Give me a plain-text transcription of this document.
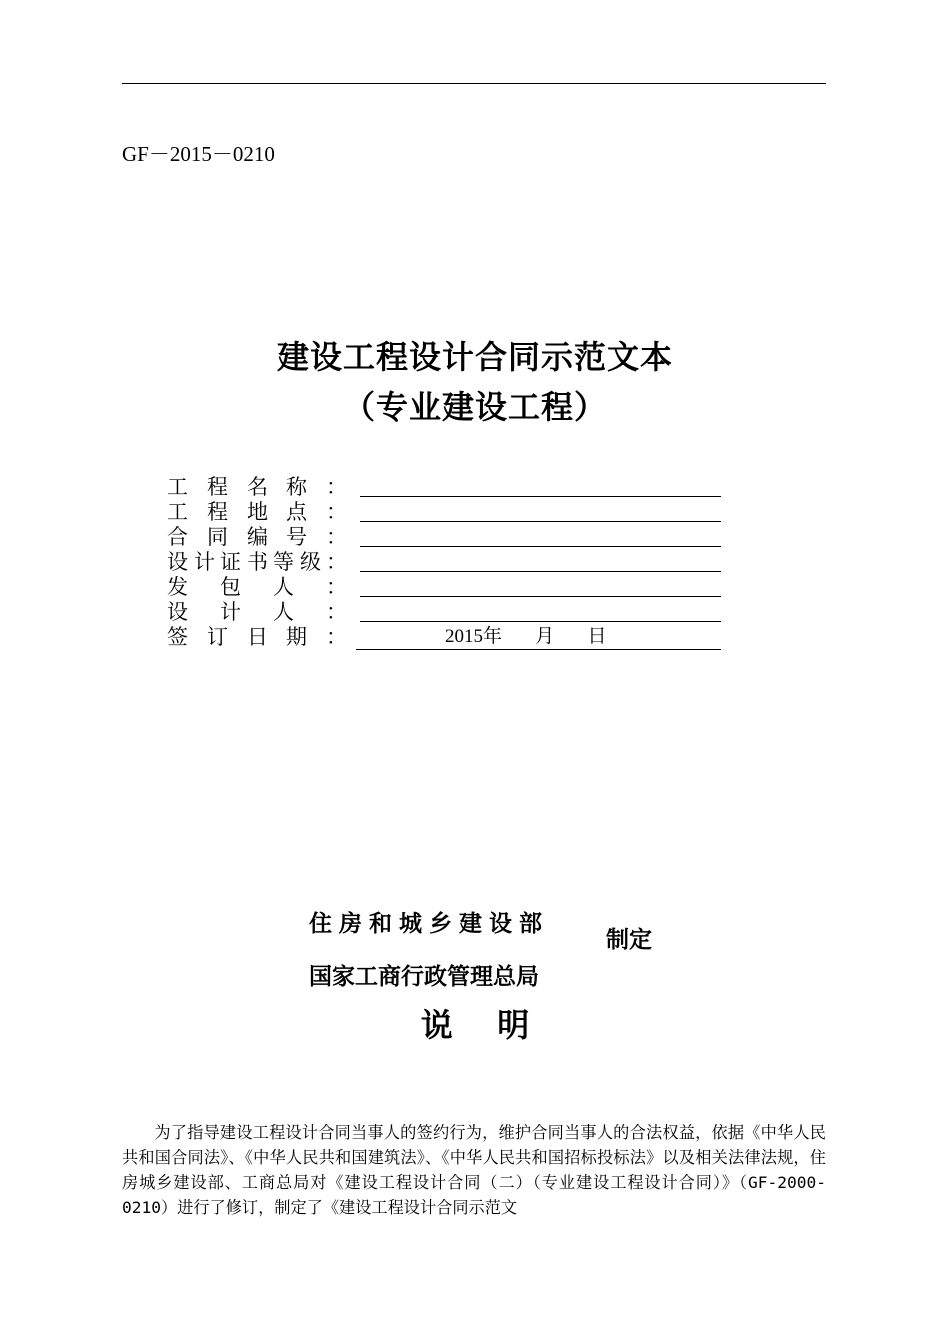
GF－2015－0210
建设工程设计合同示范文本
（专业建设工程）
工 程 名 称 ：
工 程 地 点 ：
合 同 编 号 ：
设 计 证 书 等 级 ：
发 包 人 ：
设 计 人 ：
签 订 日 期 ：	2015年       月       日
住房和城乡建设部
国家工商行政管理总局
制定
说    明
为了指导建设工程设计合同当事人的签约行为，维护合同当事人的合法权益，依据《中华人民共和国合同法》、《中华人民共和国建筑法》、《中华人民共和国招标投标法》以及相关法律法规，住房城乡建设部、工商总局对《建设工程设计合同（二）（专业建设工程设计合同）》（GF-2000-0210）进行了修订，制定了《建设工程设计合同示范文
